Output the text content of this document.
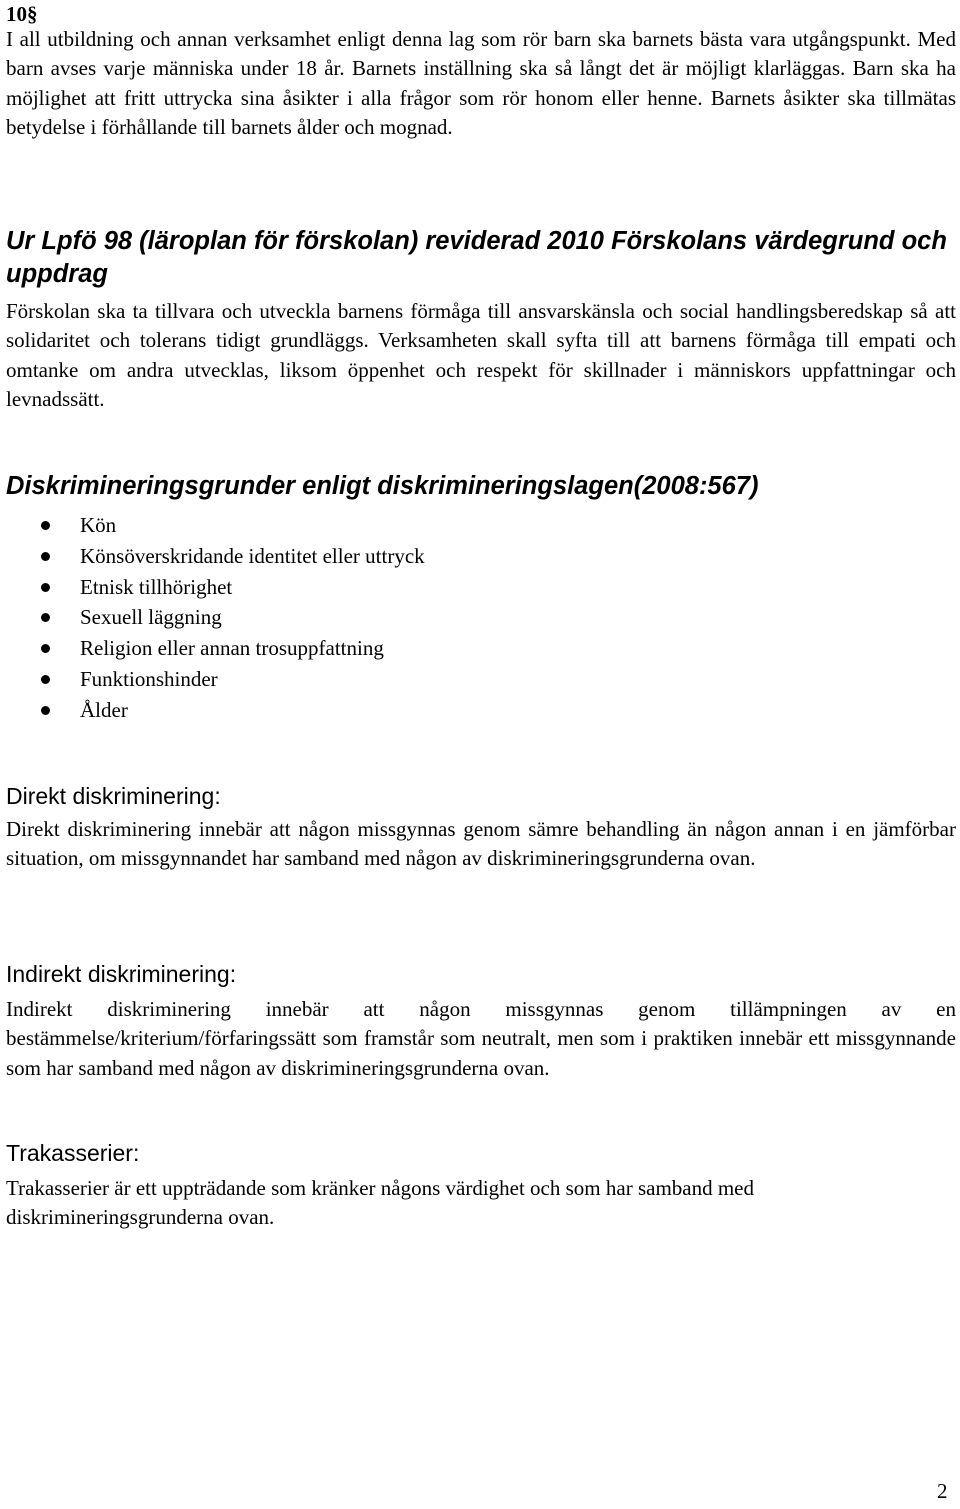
10§

I all utbildning och annan verksamhet enligt denna lag som rör barn ska barnets bästa vara utgångspunkt. Med barn avses varje människa under 18 år. Barnets inställning ska så långt det är möjligt klarläggas. Barn ska ha möjlighet att fritt uttrycka sina åsikter i alla frågor som rör honom eller henne. Barnets åsikter ska tillmätas betydelse i förhållande till barnets ålder och mognad.

Ur Lpfö 98 (läroplan för förskolan) reviderad 2010 Förskolans värdegrund och uppdrag

Förskolan ska ta tillvara och utveckla barnens förmåga till ansvarskänsla och social handlingsberedskap så att solidaritet och tolerans tidigt grundläggs. Verksamheten skall syfta till att barnens förmåga till empati och omtanke om andra utvecklas, liksom öppenhet och respekt för skillnader i människors uppfattningar och levnadssätt.

Diskrimineringsgrunder enligt diskrimineringslagen(2008:567)
Kön
Könsöverskridande identitet eller uttryck
Etnisk tillhörighet
Sexuell läggning
Religion eller annan trosuppfattning
Funktionshinder
Ålder
Direkt diskriminering:

Direkt diskriminering innebär att någon missgynnas genom sämre behandling än någon annan i en jämförbar situation, om missgynnandet har samband med någon av diskrimineringsgrunderna ovan.

Indirekt diskriminering:

Indirekt diskriminering innebär att någon missgynnas genom tillämpningen av en bestämmelse/kriterium/förfaringssätt som framstår som neutralt, men som i praktiken innebär ett missgynnande som har samband med någon av diskrimineringsgrunderna ovan.

Trakasserier:

Trakasserier är ett uppträdande som kränker någons värdighet och som har samband med diskrimineringsgrunderna ovan.

2
